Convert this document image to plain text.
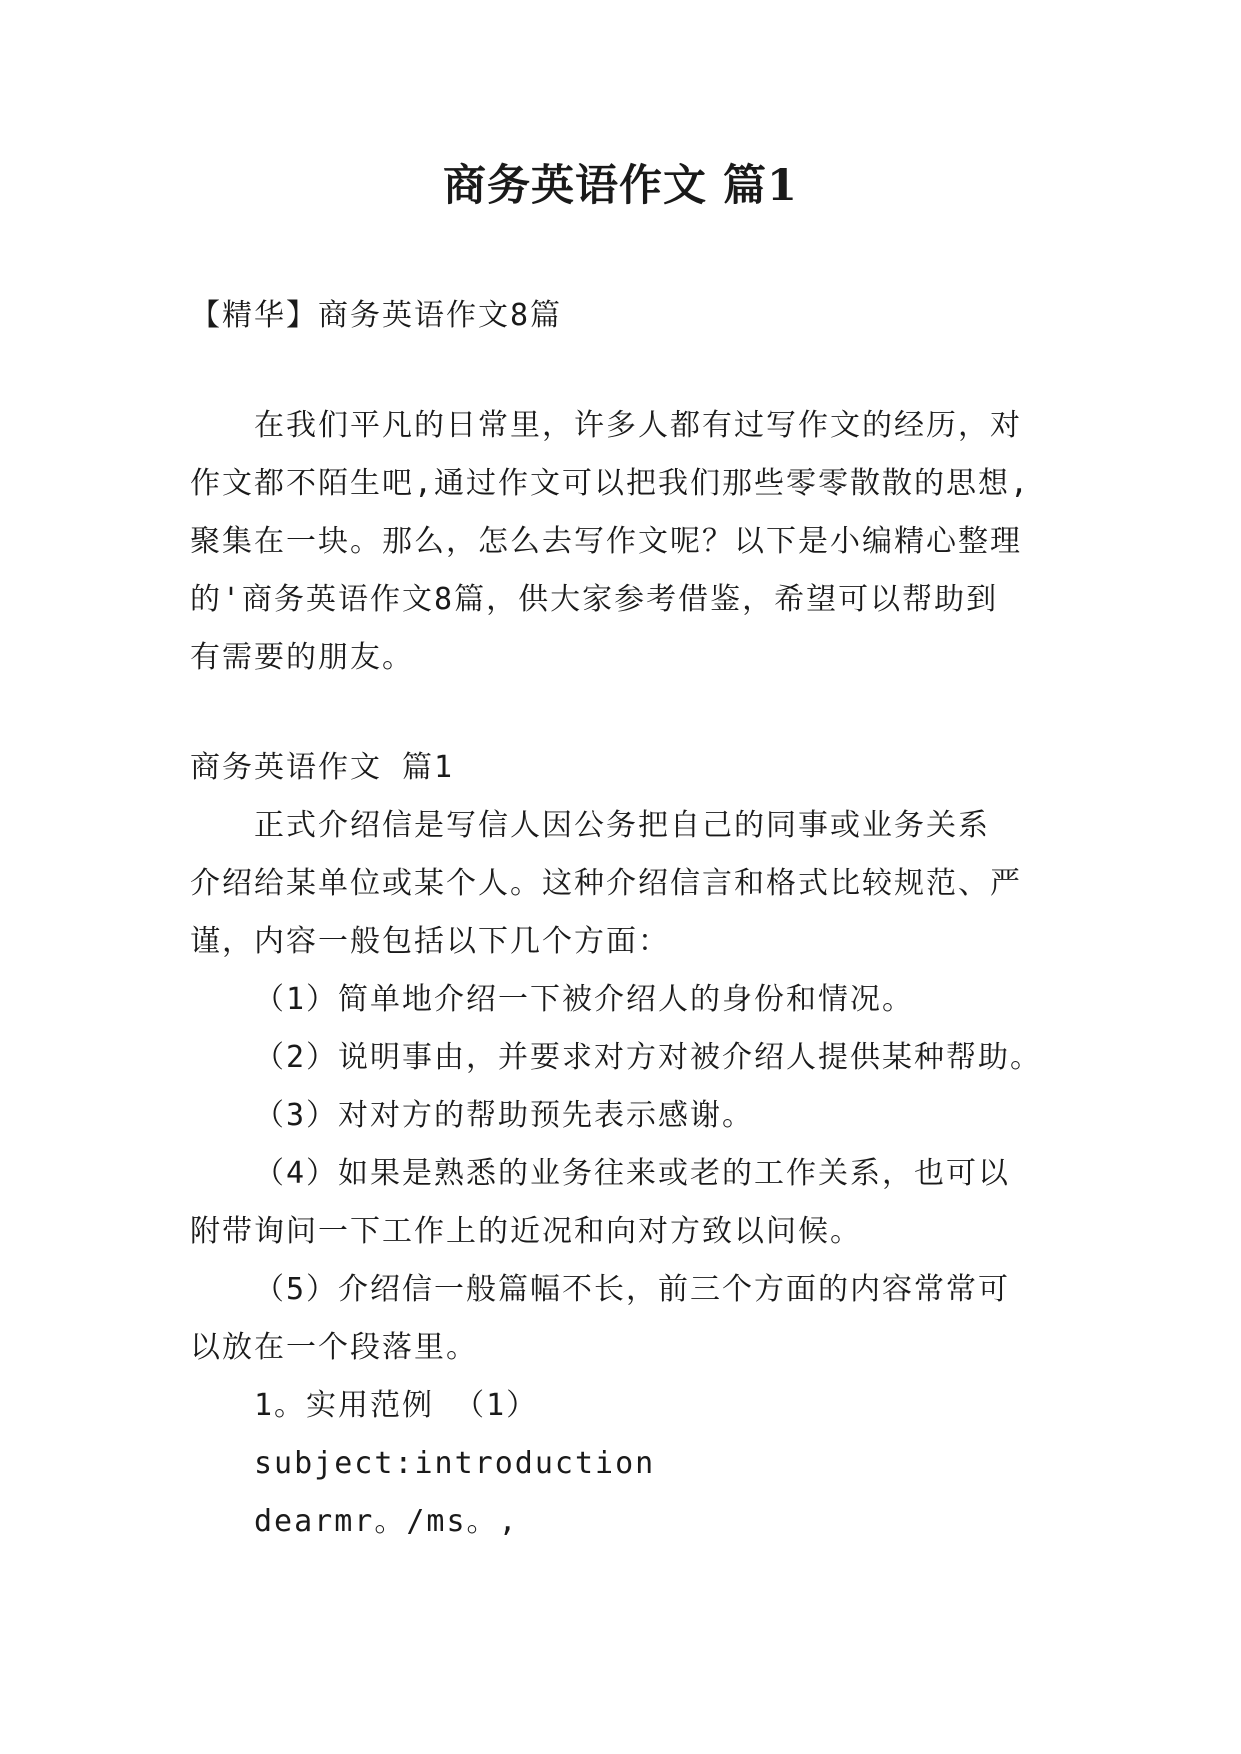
商务英语作文 篇1

【精华】商务英语作文8篇

在我们平凡的日常里，许多人都有过写作文的经历，对

作文都不陌生吧,通过作文可以把我们那些零零散散的思想,

聚集在一块。那么，怎么去写作文呢？以下是小编精心整理

的'商务英语作文8篇，供大家参考借鉴，希望可以帮助到

有需要的朋友。

商务英语作文 篇1

正式介绍信是写信人因公务把自己的同事或业务关系

介绍给某单位或某个人。这种介绍信言和格式比较规范、严

谨，内容一般包括以下几个方面：

（1）简单地介绍一下被介绍人的身份和情况。

（2）说明事由，并要求对方对被介绍人提供某种帮助。

（3）对对方的帮助预先表示感谢。

（4）如果是熟悉的业务往来或老的工作关系，也可以

附带询问一下工作上的近况和向对方致以问候。

（5）介绍信一般篇幅不长，前三个方面的内容常常可

以放在一个段落里。

1。实用范例 （1）

subject:introduction

dearmr。/ms。,
